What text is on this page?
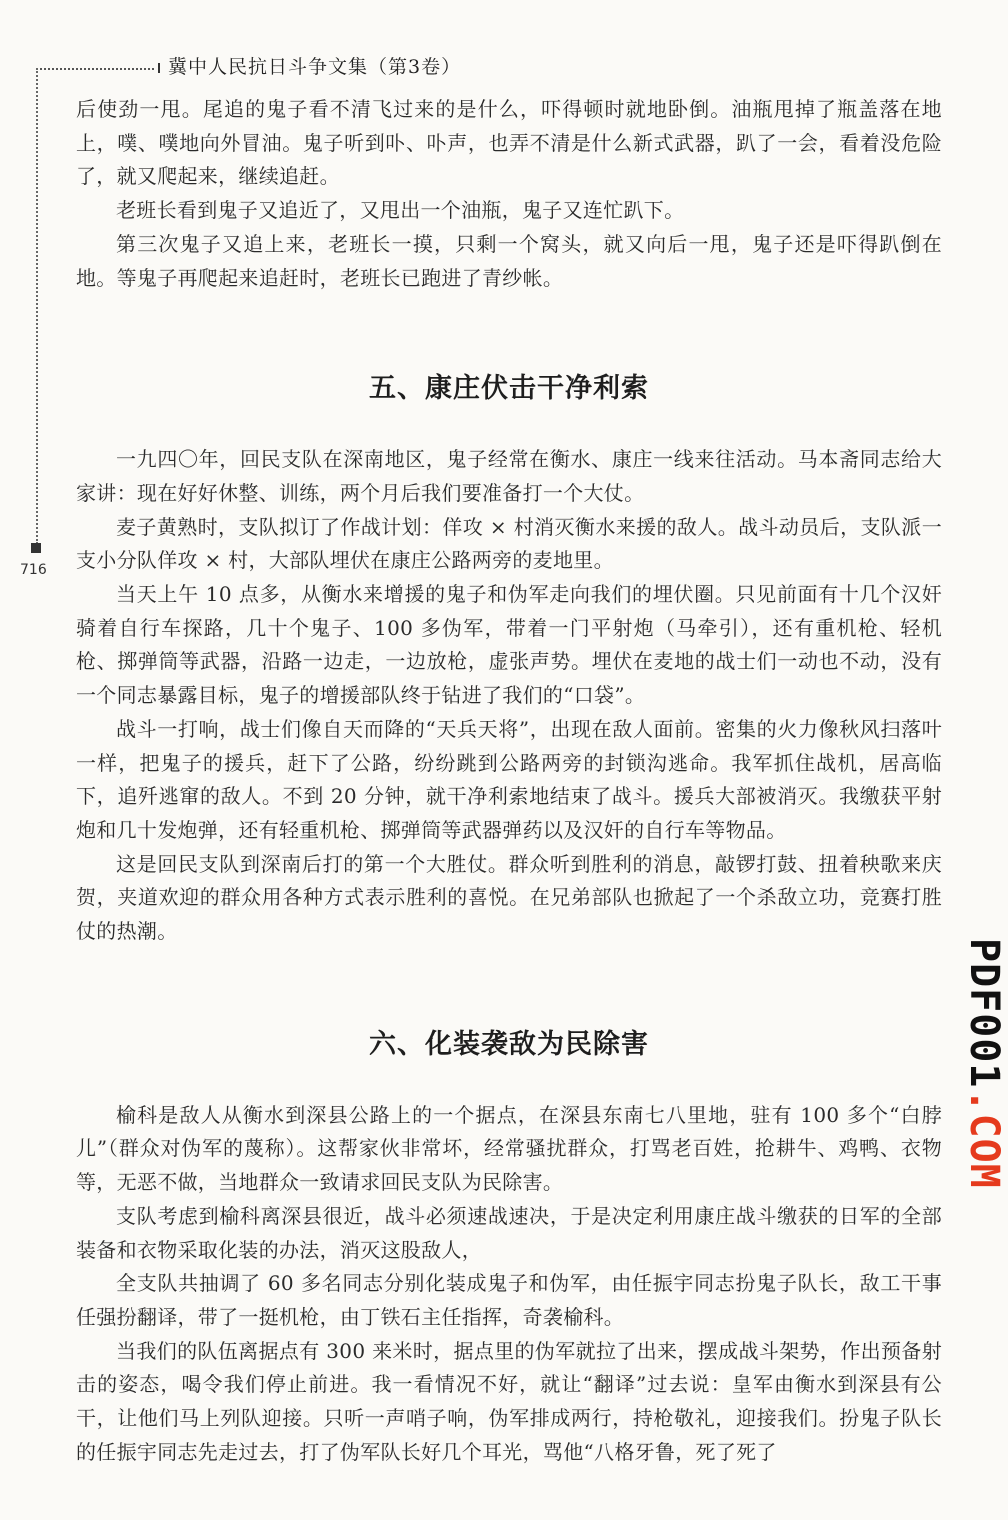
冀中人民抗日斗争文集（第3卷）
716
PDF001.COM

后使劲一甩。尾追的鬼子看不清飞过来的是什么，吓得顿时就地卧倒。油瓶甩掉了瓶盖落在地上，噗、噗地向外冒油。鬼子听到卟、卟声，也弄不清是什么新式武器，趴了一会，看着没危险了，就又爬起来，继续追赶。

老班长看到鬼子又追近了，又甩出一个油瓶，鬼子又连忙趴下。

第三次鬼子又追上来，老班长一摸，只剩一个窝头，就又向后一甩，鬼子还是吓得趴倒在地。等鬼子再爬起来追赶时，老班长已跑进了青纱帐。

五、康庄伏击干净利索

一九四〇年，回民支队在深南地区，鬼子经常在衡水、康庄一线来往活动。马本斋同志给大家讲：现在好好休整、训练，两个月后我们要准备打一个大仗。

麦子黄熟时，支队拟订了作战计划：佯攻 × 村消灭衡水来援的敌人。战斗动员后，支队派一支小分队佯攻 × 村，大部队埋伏在康庄公路两旁的麦地里。

当天上午 10 点多，从衡水来增援的鬼子和伪军走向我们的埋伏圈。只见前面有十几个汉奸骑着自行车探路，几十个鬼子、100 多伪军，带着一门平射炮（马牵引），还有重机枪、轻机枪、掷弹筒等武器，沿路一边走，一边放枪，虚张声势。埋伏在麦地的战士们一动也不动，没有一个同志暴露目标，鬼子的增援部队终于钻进了我们的“口袋”。

战斗一打响，战士们像自天而降的“天兵天将”，出现在敌人面前。密集的火力像秋风扫落叶一样，把鬼子的援兵，赶下了公路，纷纷跳到公路两旁的封锁沟逃命。我军抓住战机，居高临下，追歼逃窜的敌人。不到 20 分钟，就干净利索地结束了战斗。援兵大部被消灭。我缴获平射炮和几十发炮弹，还有轻重机枪、掷弹筒等武器弹药以及汉奸的自行车等物品。

这是回民支队到深南后打的第一个大胜仗。群众听到胜利的消息，敲锣打鼓、扭着秧歌来庆贺，夹道欢迎的群众用各种方式表示胜利的喜悦。在兄弟部队也掀起了一个杀敌立功，竞赛打胜仗的热潮。

六、化装袭敌为民除害

榆科是敌人从衡水到深县公路上的一个据点，在深县东南七八里地，驻有 100 多个“白脖儿”（群众对伪军的蔑称）。这帮家伙非常坏，经常骚扰群众，打骂老百姓，抢耕牛、鸡鸭、衣物等，无恶不做，当地群众一致请求回民支队为民除害。

支队考虑到榆科离深县很近，战斗必须速战速决，于是决定利用康庄战斗缴获的日军的全部装备和衣物采取化装的办法，消灭这股敌人，

全支队共抽调了 60 多名同志分别化装成鬼子和伪军，由任振宇同志扮鬼子队长，敌工干事任强扮翻译，带了一挺机枪，由丁铁石主任指挥，奇袭榆科。

当我们的队伍离据点有 300 来米时，据点里的伪军就拉了出来，摆成战斗架势，作出预备射击的姿态，喝令我们停止前进。我一看情况不好，就让“翻译”过去说：皇军由衡水到深县有公干，让他们马上列队迎接。只听一声哨子响，伪军排成两行，持枪敬礼，迎接我们。扮鬼子队长的任振宇同志先走过去，打了伪军队长好几个耳光，骂他“八格牙鲁，死了死了
